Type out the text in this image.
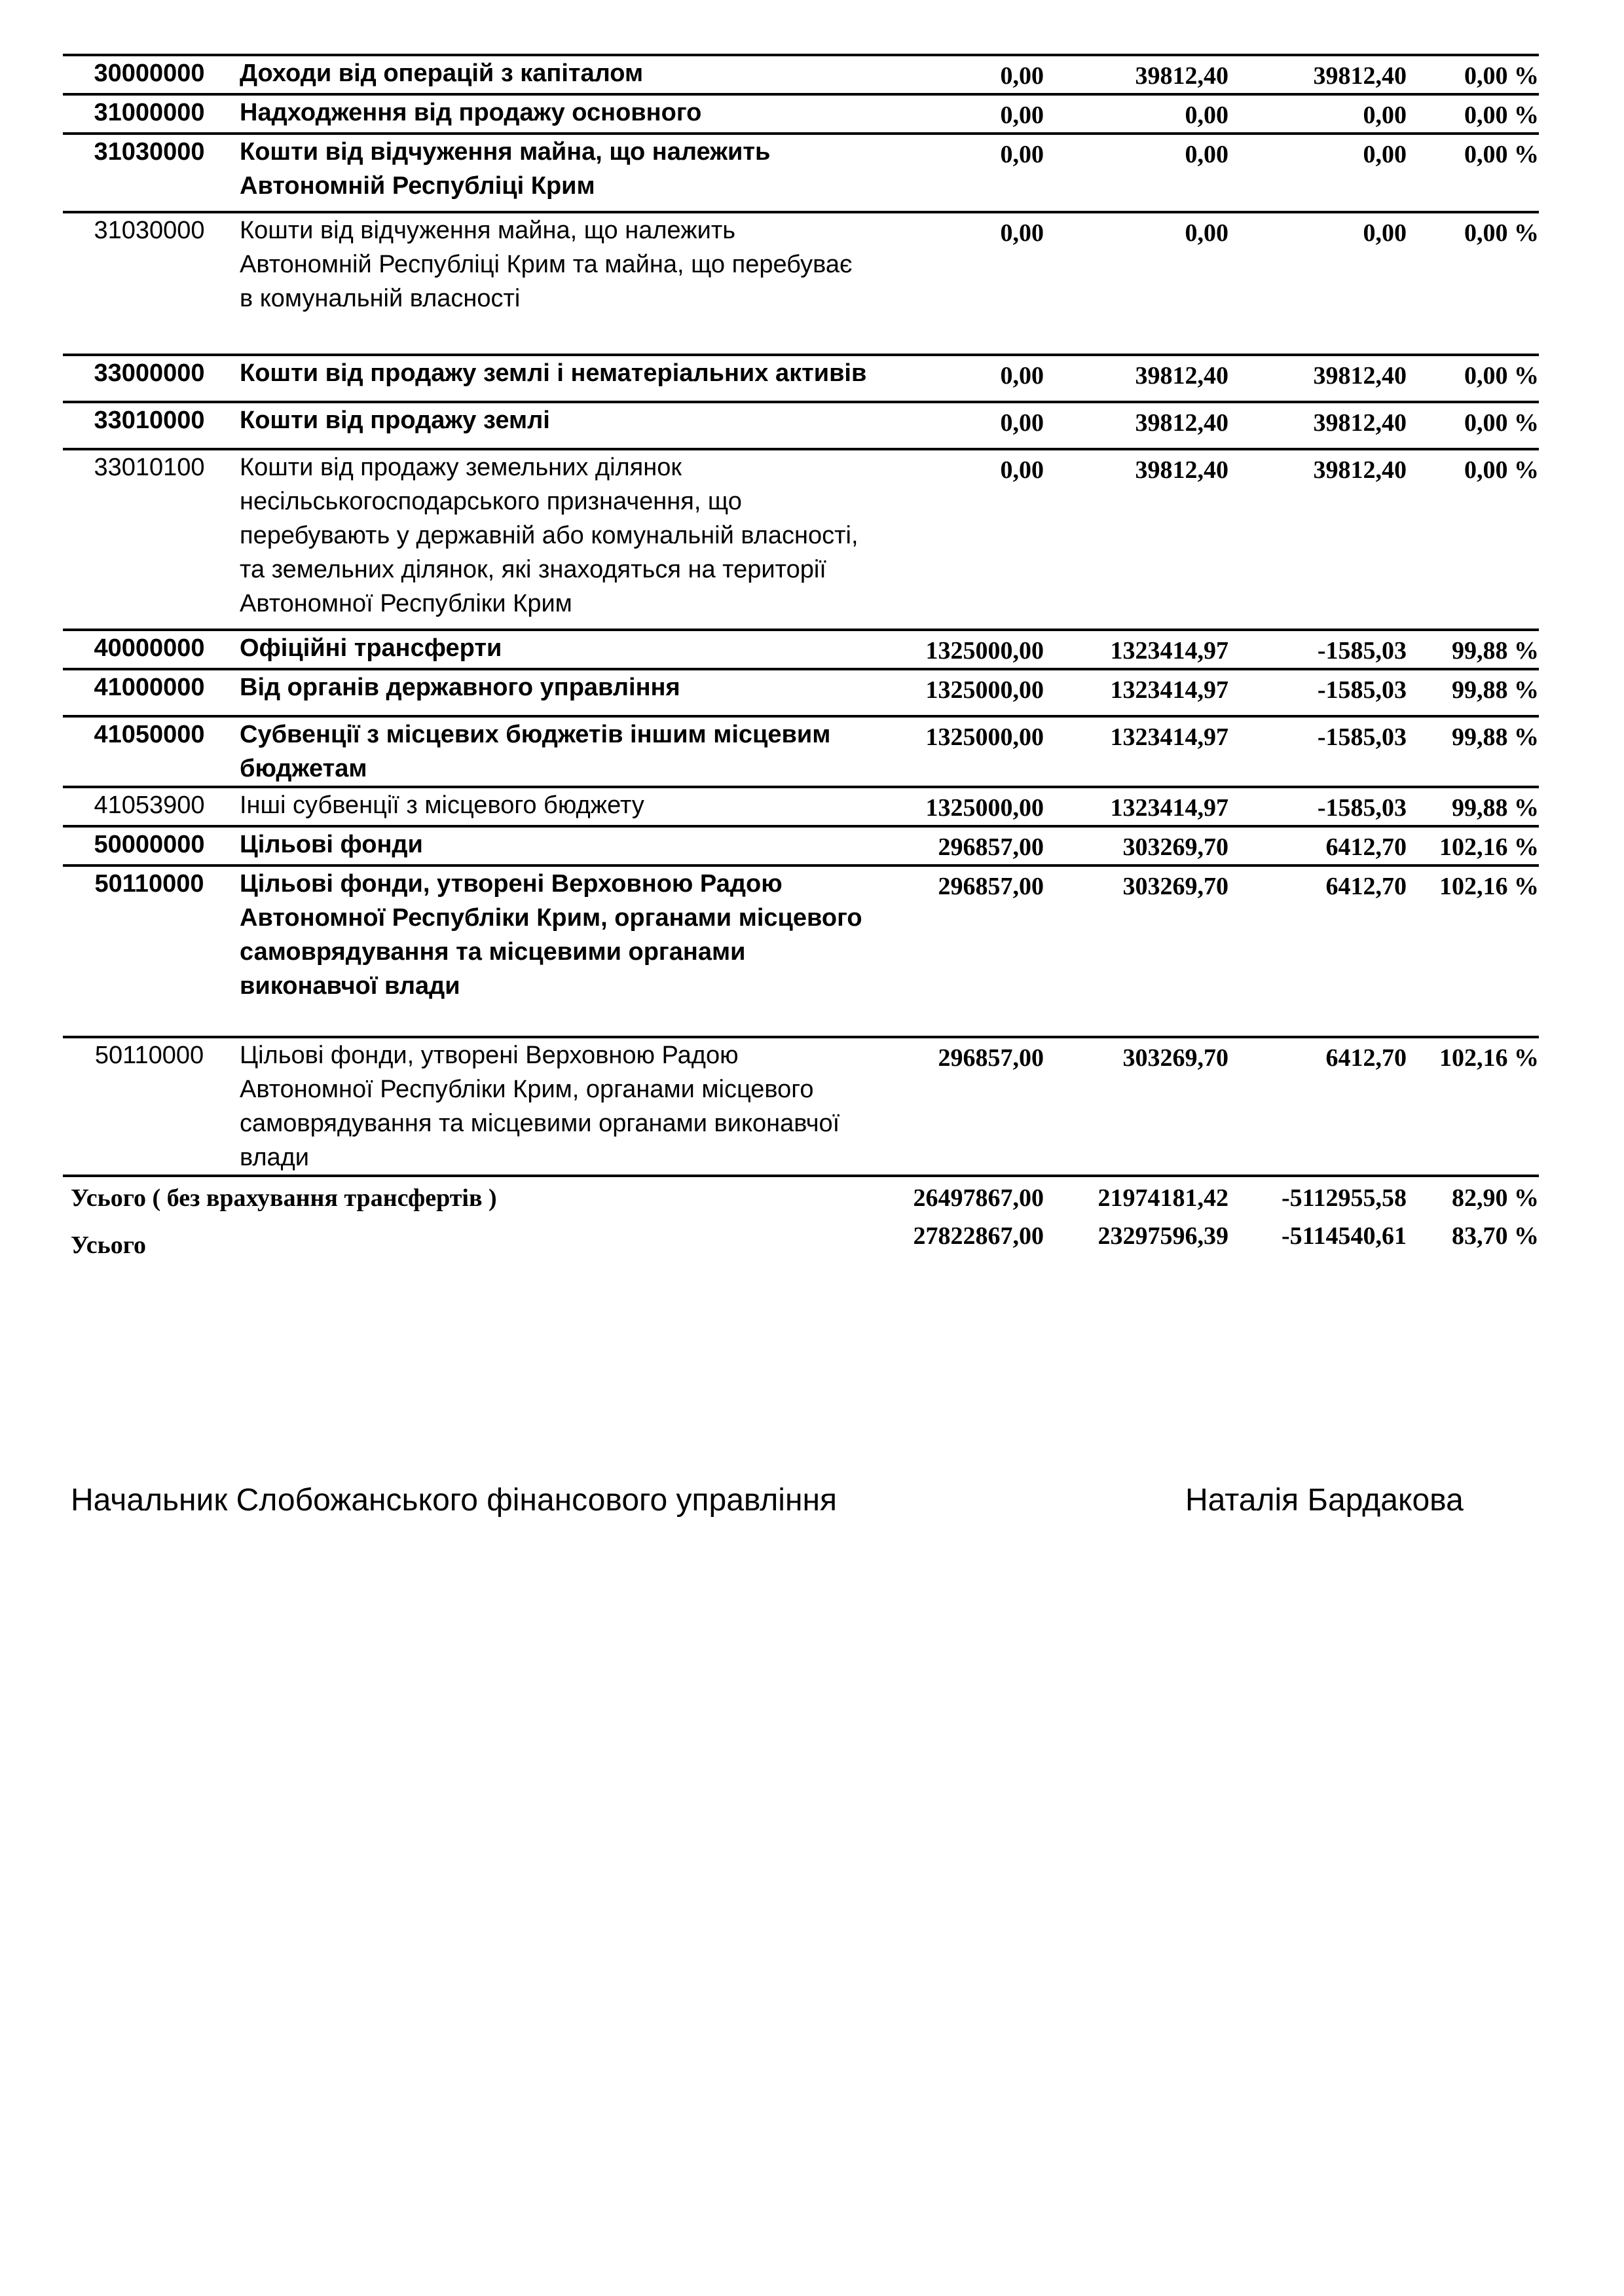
30000000	Доходи від операцій з капіталом	0,00	39812,40	39812,40	0,00 %
31000000	Надходження від продажу основного	0,00	0,00	0,00	0,00 %
31030000	Кошти від відчуження майна, що належить Автономній Республіці Крим	0,00	0,00	0,00	0,00 %
31030000	Кошти від відчуження майна, що належить Автономній Республіці Крим та майна, що перебуває в комунальній власності	0,00	0,00	0,00	0,00 %
33000000	Кошти від продажу землі і нематеріальних активів	0,00	39812,40	39812,40	0,00 %
33010000	Кошти від продажу землі	0,00	39812,40	39812,40	0,00 %
33010100	Кошти від продажу земельних ділянок несільськогосподарського призначення, що перебувають у державній або комунальній власності, та земельних ділянок, які знаходяться на території Автономної Республіки Крим	0,00	39812,40	39812,40	0,00 %
40000000	Офіційні трансферти	1325000,00	1323414,97	-1585,03	99,88 %
41000000	Від органів державного управління	1325000,00	1323414,97	-1585,03	99,88 %
41050000	Субвенції з місцевих бюджетів іншим місцевим бюджетам	1325000,00	1323414,97	-1585,03	99,88 %
41053900	Інші субвенції з місцевого бюджету	1325000,00	1323414,97	-1585,03	99,88 %
50000000	Цільові фонди	296857,00	303269,70	6412,70	102,16 %
50110000	Цільові фонди, утворені Верховною Радою Автономної Республіки Крим, органами місцевого самоврядування та місцевими органами виконавчої влади	296857,00	303269,70	6412,70	102,16 %
50110000	Цільові фонди, утворені Верховною Радою Автономної Республіки Крим, органами місцевого самоврядування та місцевими органами виконавчої влади	296857,00	303269,70	6412,70	102,16 %
Усього ( без врахування трансфертів )		26497867,00	21974181,42	-5112955,58	82,90 %
Усього		27822867,00	23297596,39	-5114540,61	83,70 %
Начальник Слобожанського фінансового управління	Наталія Бардакова
